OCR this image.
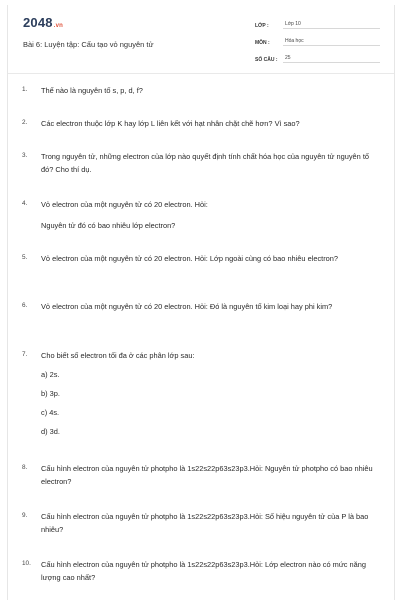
2048.vn
Bài 6: Luyện tập: Cấu tạo vỏ nguyên tử
LỚP :	Lớp 10
MÔN :	Hóa học
SỐ CÂU :	25
1.	Thế nào là nguyên tố s, p, d, f?
2.	Các electron thuộc lớp K hay lớp L liên kết với hạt nhân chặt chẽ hơn? Vì sao?
3.	Trong nguyên tử, những electron của lớp nào quyết định tính chất hóa học của nguyên tử nguyên tố đó? Cho thí dụ.
4.	Vỏ electron của một nguyên tử có 20 electron. Hỏi:
Nguyên tử đó có bao nhiêu lớp electron?
5.	Vỏ electron của một nguyên tử có 20 electron. Hỏi: Lớp ngoài cùng có bao nhiêu electron?
6.	Vỏ electron của một nguyên tử có 20 electron. Hỏi: Đó là nguyên tố kim loại hay phi kim?
7.	Cho biết số electron tối đa ở các phân lớp sau:
a) 2s.
b) 3p.
c) 4s.
d) 3d.
8.	Cấu hình electron của nguyên tử photpho là 1s22s22p63s23p3.Hỏi: Nguyên tử photpho có bao nhiêu electron?
9.	Cấu hình electron của nguyên tử photpho là 1s22s22p63s23p3.Hỏi: Số hiệu nguyên tử của P là bao nhiêu?
10.	Cấu hình electron của nguyên tử photpho là 1s22s22p63s23p3.Hỏi: Lớp electron nào có mức năng lượng cao nhất?
